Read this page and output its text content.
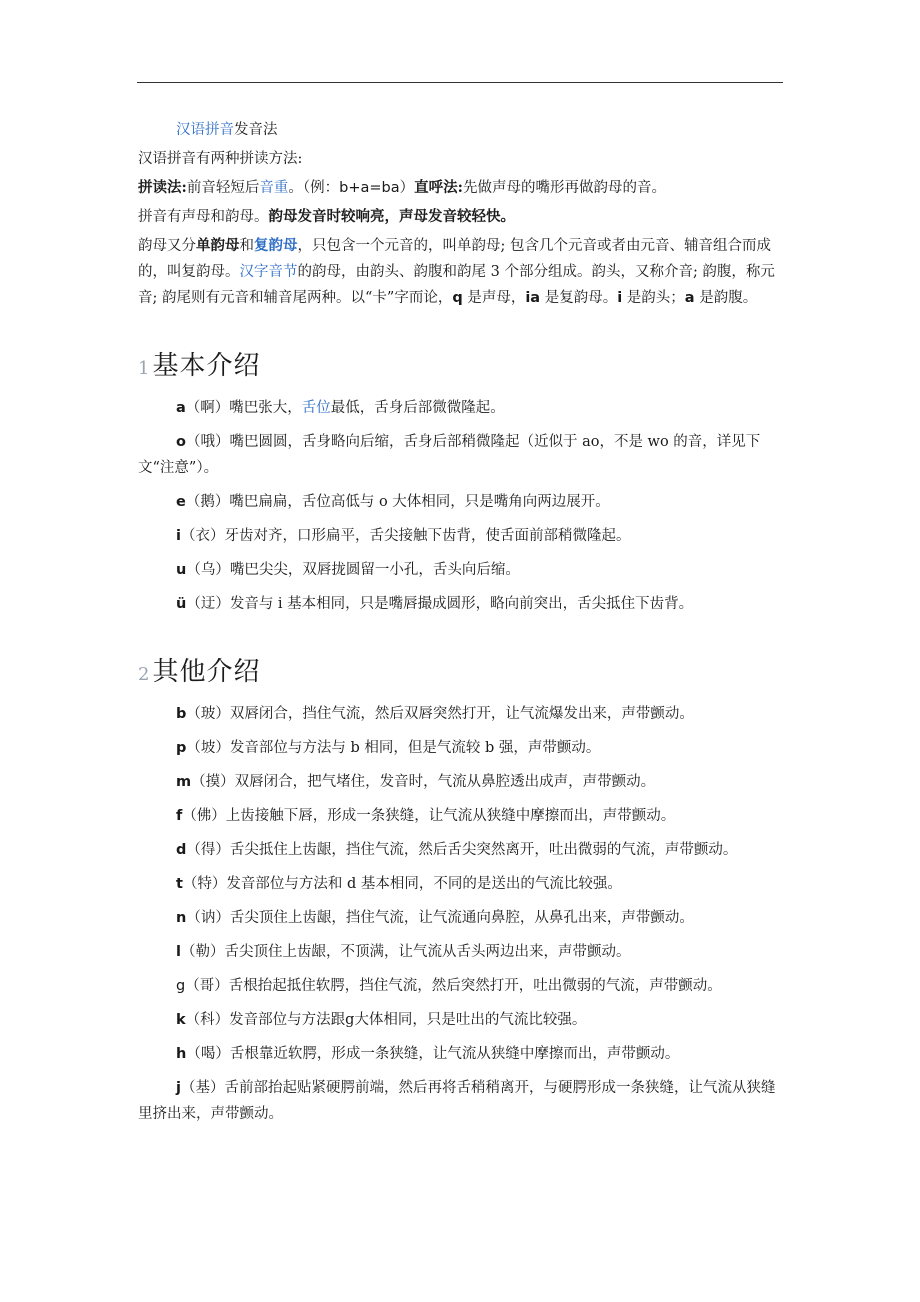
汉语拼音发音法

汉语拼音有两种拼读方法:

拼读法:前音轻短后音重。（例：b+a=ba）直呼法:先做声母的嘴形再做韵母的音。

拼音有声母和韵母。韵母发音时较响亮，声母发音较轻快。

韵母又分单韵母和复韵母，只包含一个元音的，叫单韵母; 包含几个元音或者由元音、辅音组合而成的，叫复韵母。汉字音节的韵母，由韵头、韵腹和韵尾 3 个部分组成。韵头，又称介音; 韵腹，称元音; 韵尾则有元音和辅音尾两种。以“卡”字而论，q 是声母，ia 是复韵母。i 是韵头；a 是韵腹。

1基本介绍

a（啊）嘴巴张大，舌位最低，舌身后部微微隆起。

o（哦）嘴巴圆圆，舌身略向后缩，舌身后部稍微隆起（近似于 ao，不是 wo 的音，详见下文“注意”）。

e（鹅）嘴巴扁扁，舌位高低与 o 大体相同，只是嘴角向两边展开。

i（衣）牙齿对齐，口形扁平，舌尖接触下齿背，使舌面前部稍微隆起。

u（乌）嘴巴尖尖，双唇拢圆留一小孔，舌头向后缩。

ü（迂）发音与 i 基本相同，只是嘴唇撮成圆形，略向前突出，舌尖抵住下齿背。

2其他介绍

b（玻）双唇闭合，挡住气流，然后双唇突然打开，让气流爆发出来，声带颤动。

p（坡）发音部位与方法与 b 相同，但是气流较 b 强，声带颤动。

m（摸）双唇闭合，把气堵住，发音时，气流从鼻腔透出成声，声带颤动。

f（佛）上齿接触下唇，形成一条狭缝，让气流从狭缝中摩擦而出，声带颤动。

d（得）舌尖抵住上齿龈，挡住气流，然后舌尖突然离开，吐出微弱的气流，声带颤动。

t（特）发音部位与方法和 d 基本相同，不同的是送出的气流比较强。

n（讷）舌尖顶住上齿龈，挡住气流，让气流通向鼻腔，从鼻孔出来，声带颤动。

l（勒）舌尖顶住上齿龈，不顶满，让气流从舌头两边出来，声带颤动。

g（哥）舌根抬起抵住软腭，挡住气流，然后突然打开，吐出微弱的气流，声带颤动。

k（科）发音部位与方法跟g大体相同，只是吐出的气流比较强。

h（喝）舌根靠近软腭，形成一条狭缝，让气流从狭缝中摩擦而出，声带颤动。

j（基）舌前部抬起贴紧硬腭前端，然后再将舌稍稍离开，与硬腭形成一条狭缝，让气流从狭缝里挤出来，声带颤动。
